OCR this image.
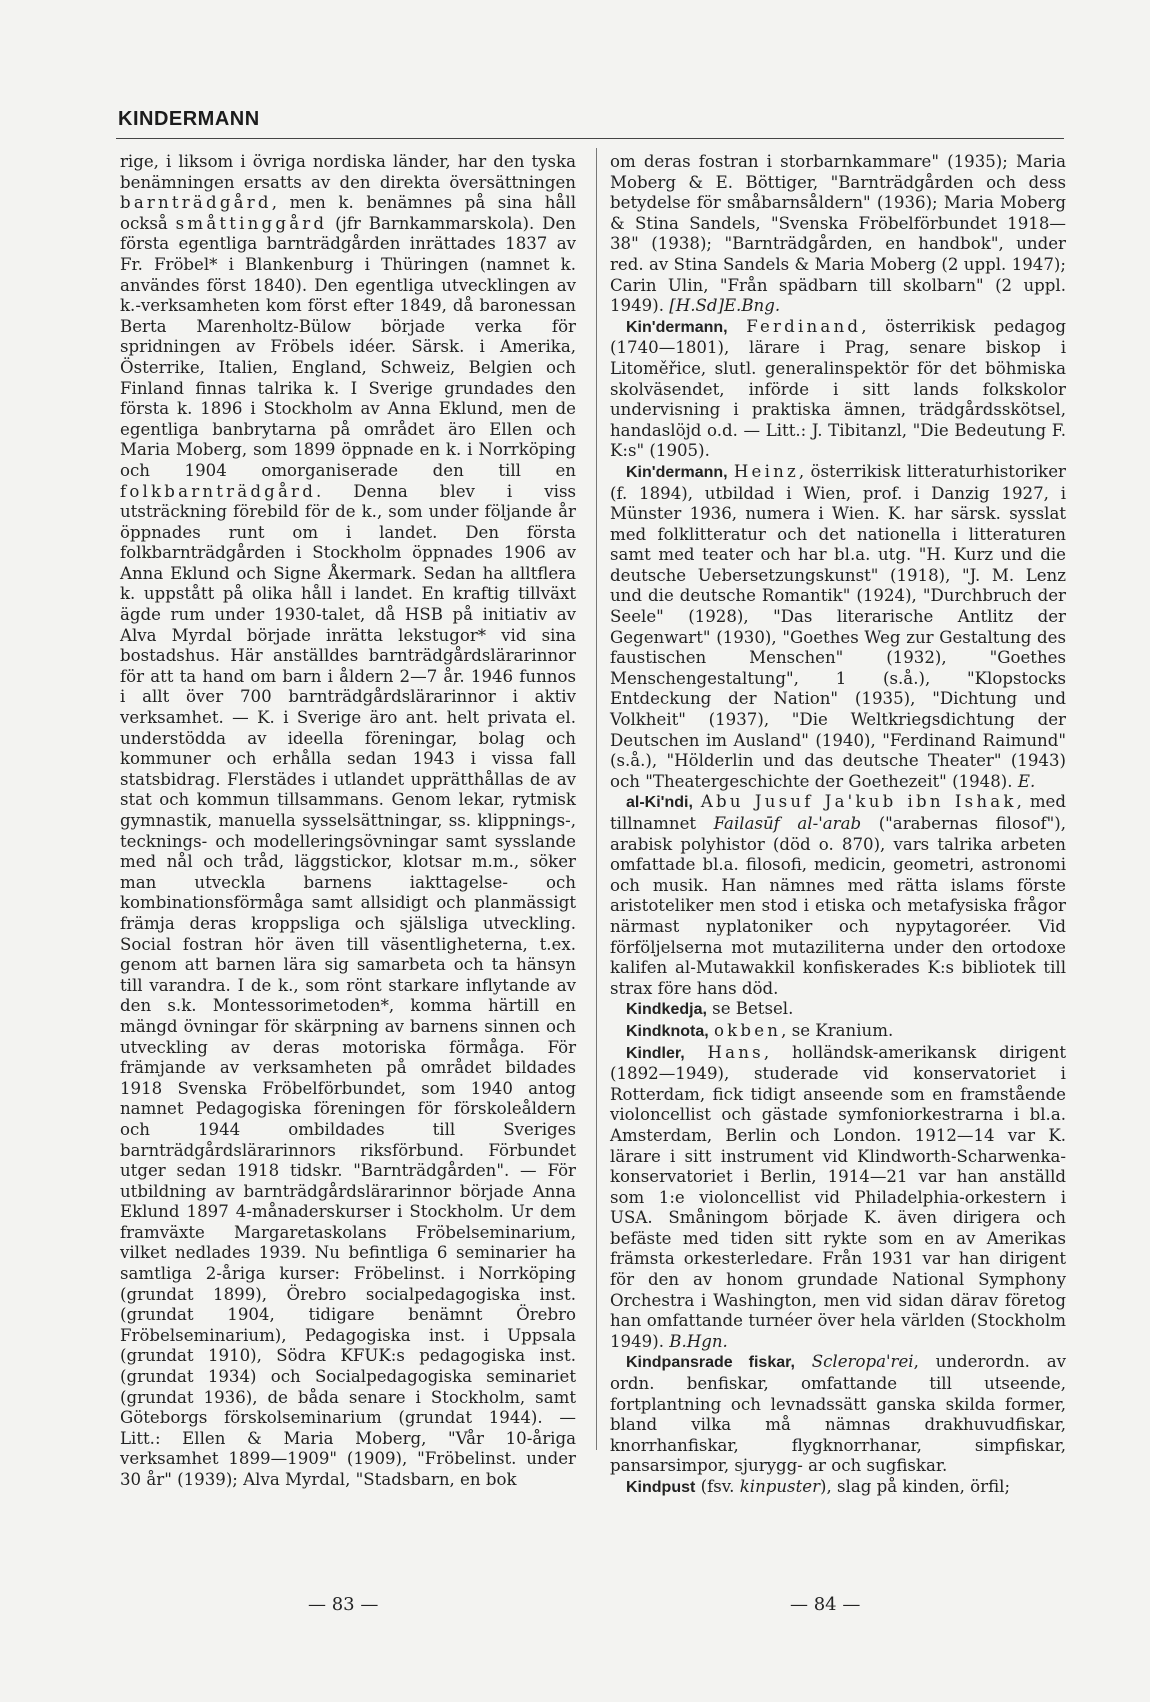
KINDERMANN

rige, i liksom i övriga nordiska länder, har den tyska benämningen ersatts av den direkta översättningen barnträdgård, men k. benämnes på sina håll också småttinggård (jfr Barnkammarskola). Den första egentliga barnträdgården inrättades 1837 av Fr. Fröbel* i Blankenburg i Thüringen (namnet k. användes först 1840). Den egentliga utvecklingen av k.-verksamheten kom först efter 1849, då baronessan Berta Marenholtz-Bülow började verka för spridningen av Fröbels idéer. Särsk. i Amerika, Österrike, Italien, England, Schweiz, Belgien och Finland finnas talrika k. I Sverige grundades den första k. 1896 i Stockholm av Anna Eklund, men de egentliga banbrytarna på området äro Ellen och Maria Moberg, som 1899 öppnade en k. i Norrköping och 1904 omorganiserade den till en folkbarnträdgård. Denna blev i viss utsträckning förebild för de k., som under följande år öppnades runt om i landet. Den första folkbarnträdgården i Stockholm öppnades 1906 av Anna Eklund och Signe Åkermark. Sedan ha alltflera k. uppstått på olika håll i landet. En kraftig tillväxt ägde rum under 1930-talet, då HSB på initiativ av Alva Myrdal började inrätta lekstugor* vid sina bostadshus. Här anställdes barnträdgårdslärarinnor för att ta hand om barn i åldern 2—7 år. 1946 funnos i allt över 700 barnträdgårdslärarinnor i aktiv verksamhet. — K. i Sverige äro ant. helt privata el. understödda av ideella föreningar, bolag och kommuner och erhålla sedan 1943 i vissa fall statsbidrag. Flerstädes i utlandet upprätthållas de av stat och kommun tillsammans. Genom lekar, rytmisk gymnastik, manuella sysselsättningar, ss. klippnings-, tecknings- och modelleringsövningar samt sysslande med nål och tråd, läggstickor, klotsar m.m., söker man utveckla barnens iakttagelse- och kombinationsförmåga samt allsidigt och planmässigt främja deras kroppsliga och själsliga utveckling. Social fostran hör även till väsentligheterna, t.ex. genom att barnen lära sig samarbeta och ta hänsyn till varandra. I de k., som rönt starkare inflytande av den s.k. Montessorimetoden*, komma härtill en mängd övningar för skärpning av barnens sinnen och utveckling av deras motoriska förmåga. För främjande av verksamheten på området bildades 1918 Svenska Fröbelförbundet, som 1940 antog namnet Pedagogiska föreningen för förskoleåldern och 1944 ombildades till Sveriges barnträdgårdslärarinnors riksförbund. Förbundet utger sedan 1918 tidskr. "Barnträdgården". — För utbildning av barnträdgårdslärarinnor började Anna Eklund 1897 4-månaderskurser i Stockholm. Ur dem framväxte Margaretaskolans Fröbelseminarium, vilket nedlades 1939. Nu befintliga 6 seminarier ha samtliga 2-åriga kurser: Fröbelinst. i Norrköping (grundat 1899), Örebro socialpedagogiska inst. (grundat 1904, tidigare benämnt Örebro Fröbelseminarium), Pedagogiska inst. i Uppsala (grundat 1910), Södra KFUK:s pedagogiska inst. (grundat 1934) och Socialpedagogiska seminariet (grundat 1936), de båda senare i Stockholm, samt Göteborgs förskolseminarium (grundat 1944). — Litt.: Ellen & Maria Moberg, "Vår 10-åriga verksamhet 1899—1909" (1909), "Fröbelinst. under 30 år" (1939); Alva Myrdal, "Stadsbarn, en bok

om deras fostran i storbarnkammare" (1935); Maria Moberg & E. Böttiger, "Barnträdgården och dess betydelse för småbarnsåldern" (1936); Maria Moberg & Stina Sandels, "Svenska Fröbelförbundet 1918—38" (1938); "Barnträdgården, en handbok", under red. av Stina Sandels & Maria Moberg (2 uppl. 1947); Carin Ulin, "Från spädbarn till skolbarn" (2 uppl. 1949). [H.Sd]E.Bng.

Kin'dermann, Ferdinand, österrikisk pedagog (1740—1801), lärare i Prag, senare biskop i Litoměřice, slutl. generalinspektör för det böhmiska skolväsendet, införde i sitt lands folkskolor undervisning i praktiska ämnen, trädgårdsskötsel, handaslöjd o.d. — Litt.: J. Tibitanzl, "Die Bedeutung F. K:s" (1905).

Kin'dermann, Heinz, österrikisk litteraturhistoriker (f. 1894), utbildad i Wien, prof. i Danzig 1927, i Münster 1936, numera i Wien. K. har särsk. sysslat med folklitteratur och det nationella i litteraturen samt med teater och har bl.a. utg. "H. Kurz und die deutsche Uebersetzungskunst" (1918), "J. M. Lenz und die deutsche Romantik" (1924), "Durchbruch der Seele" (1928), "Das literarische Antlitz der Gegenwart" (1930), "Goethes Weg zur Gestaltung des faustischen Menschen" (1932), "Goethes Menschengestaltung", 1 (s.å.), "Klopstocks Entdeckung der Nation" (1935), "Dichtung und Volkheit" (1937), "Die Weltkriegsdichtung der Deutschen im Ausland" (1940), "Ferdinand Raimund" (s.å.), "Hölderlin und das deutsche Theater" (1943) och "Theatergeschichte der Goethezeit" (1948). E.

al-Ki'ndi, Abu Jusuf Ja'kub ibn Ishak, med tillnamnet Failasūf al-'arab ("arabernas filosof"), arabisk polyhistor (död o. 870), vars talrika arbeten omfattade bl.a. filosofi, medicin, geometri, astronomi och musik. Han nämnes med rätta islams förste aristoteliker men stod i etiska och metafysiska frågor närmast nyplatoniker och nypytagoréer. Vid förföljelserna mot mutaziliterna under den ortodoxe kalifen al-Mutawakkil konfiskerades K:s bibliotek till strax före hans död.

Kindkedja, se Betsel.

Kindknota, okben, se Kranium.

Kindler, Hans, holländsk-amerikansk dirigent (1892—1949), studerade vid konservatoriet i Rotterdam, fick tidigt anseende som en framstående violoncellist och gästade symfoniorkestrarna i bl.a. Amsterdam, Berlin och London. 1912—14 var K. lärare i sitt instrument vid Klindworth-Scharwenka-konservatoriet i Berlin, 1914—21 var han anställd som 1:e violoncellist vid Philadelphia-orkestern i USA. Småningom började K. även dirigera och befäste med tiden sitt rykte som en av Amerikas främsta orkesterledare. Från 1931 var han dirigent för den av honom grundade National Symphony Orchestra i Washington, men vid sidan därav företog han omfattande turnéer över hela världen (Stockholm 1949). B.Hgn.

Kindpansrade fiskar, Scleropa'rei, underordn. av ordn. benfiskar, omfattande till utseende, fortplantning och levnadssätt ganska skilda former, bland vilka må nämnas drakhuvudfiskar, knorrhanfiskar, flygknorrhanar, simpfiskar, pansarsimpor, sjurygg- ar och sugfiskar.

Kindpust (fsv. kinpuster), slag på kinden, örfil;

— 83 —	— 84 —
